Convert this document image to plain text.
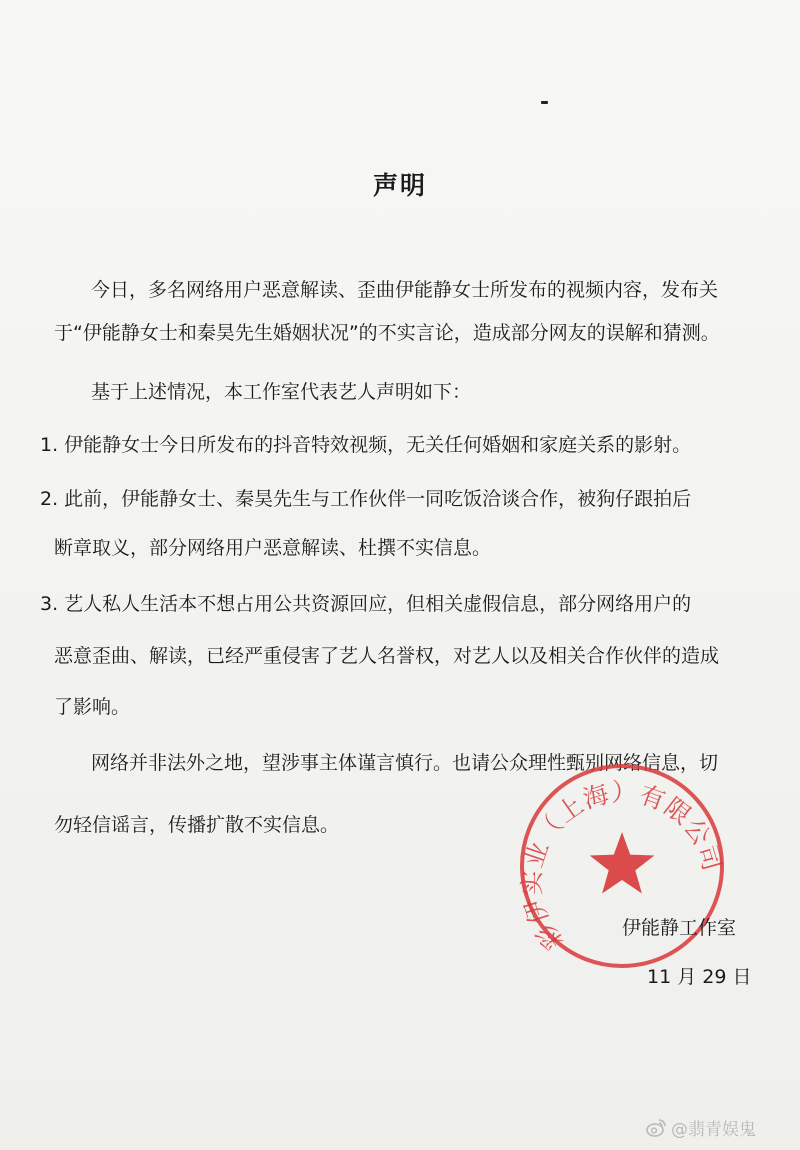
声明

今日，多名网络用户恶意解读、歪曲伊能静女士所发布的视频内容，发布关

于“伊能静女士和秦昊先生婚姻状况”的不实言论，造成部分网友的误解和猜测。

基于上述情况，本工作室代表艺人声明如下：

1. 伊能静女士今日所发布的抖音特效视频，无关任何婚姻和家庭关系的影射。

2. 此前，伊能静女士、秦昊先生与工作伙伴一同吃饭洽谈合作，被狗仔跟拍后

断章取义，部分网络用户恶意解读、杜撰不实信息。

3. 艺人私人生活本不想占用公共资源回应，但相关虚假信息，部分网络用户的

恶意歪曲、解读，已经严重侵害了艺人名誉权，对艺人以及相关合作伙伴的造成

了影响。

网络并非法外之地，望涉事主体谨言慎行。也请公众理性甄别网络信息，切

勿轻信谣言，传播扩散不实信息。

彩伊实业（上海）有限公司

伊能静工作室

11 月 29 日

@翡青娱鬼
